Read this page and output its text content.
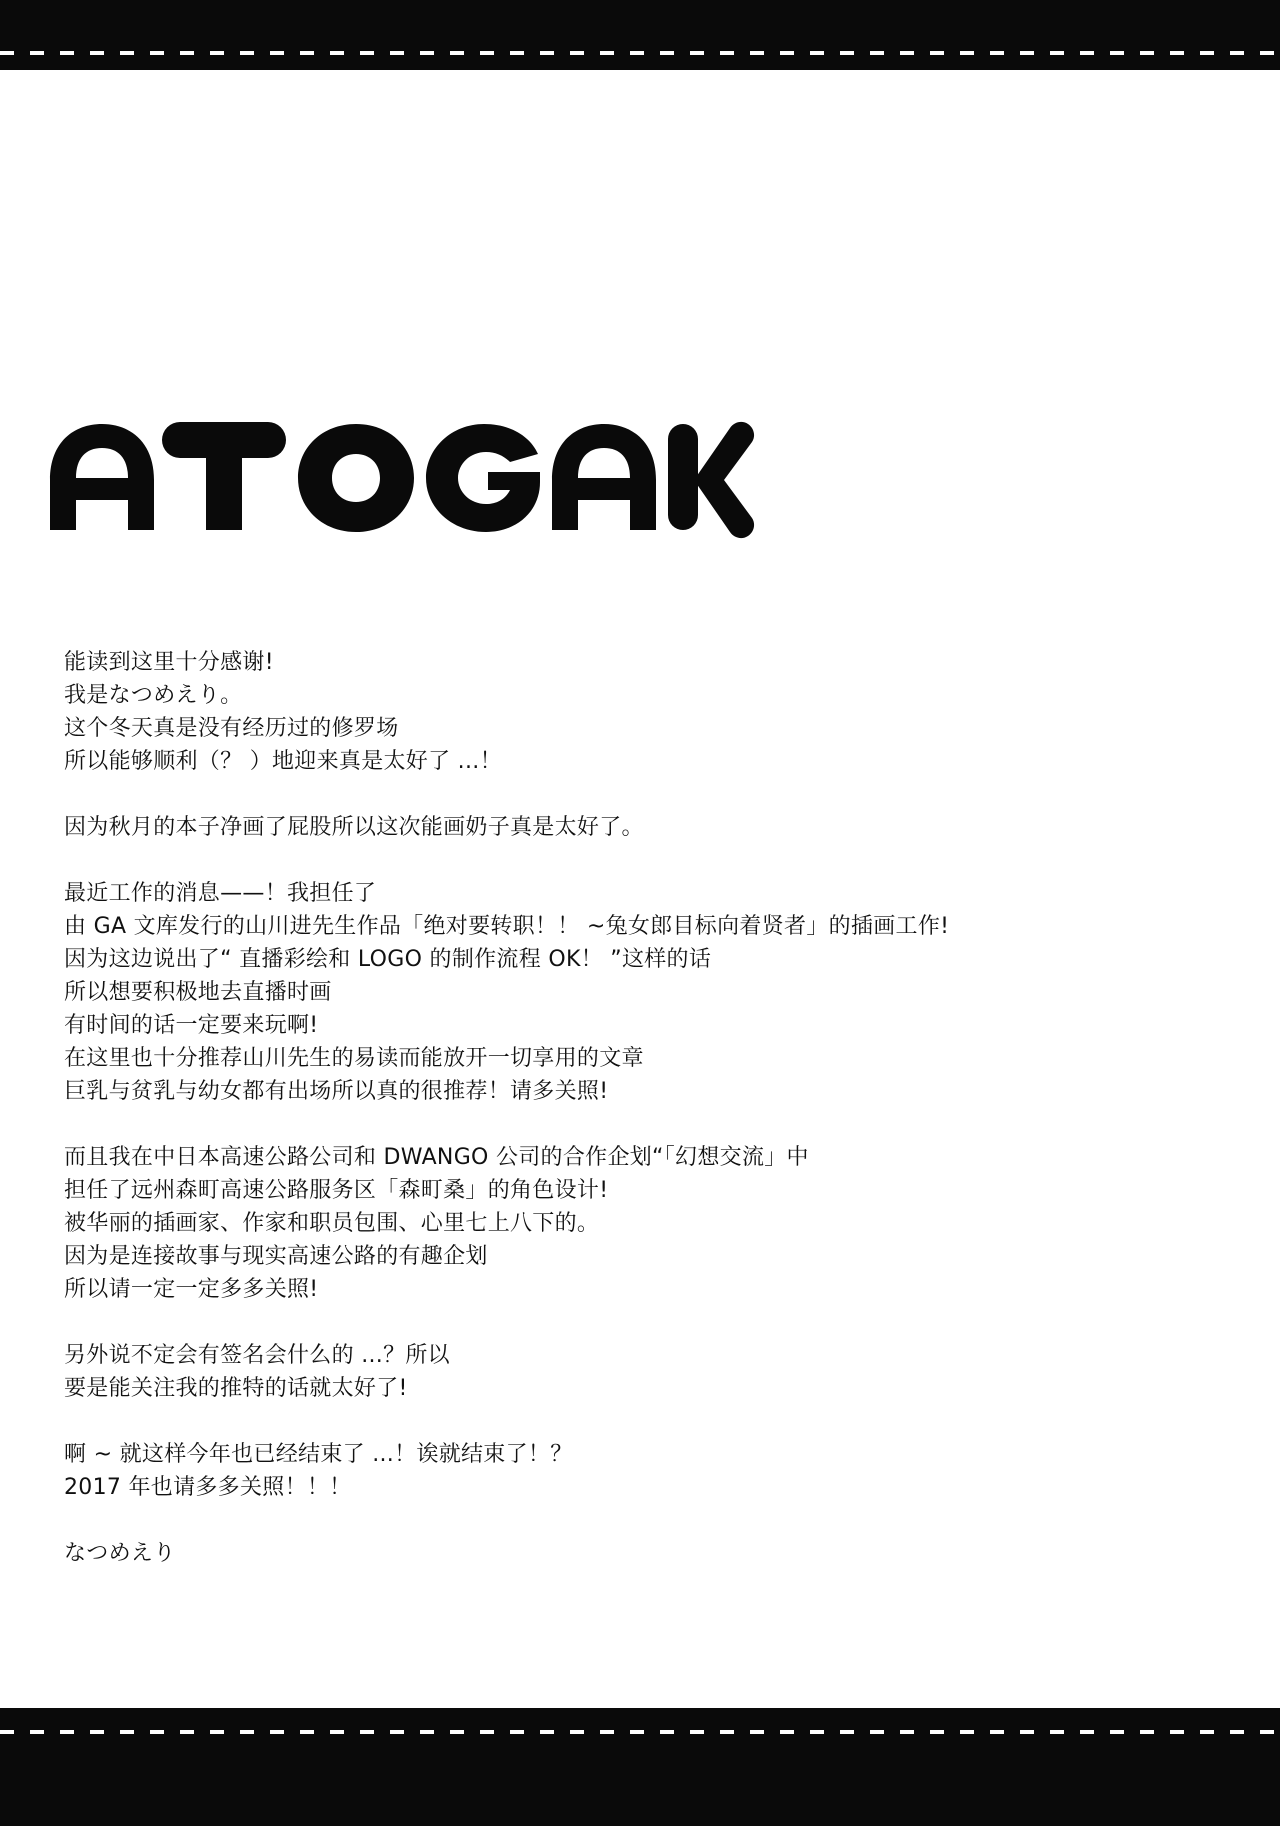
能读到这里十分感谢!
我是なつめえり。
这个冬天真是没有经历过的修罗场
所以能够顺利（？ ）地迎来真是太好了 ...！
因为秋月的本子净画了屁股所以这次能画奶子真是太好了。
最近工作的消息——！我担任了
由 GA 文库发行的山川进先生作品「绝对要转职！！ ~兔女郎目标向着贤者」的插画工作!
因为这边说出了“ 直播彩绘和 LOGO 的制作流程 OK！ ”这样的话
所以想要积极地去直播时画
有时间的话一定要来玩啊!
在这里也十分推荐山川先生的易读而能放开一切享用的文章
巨乳与贫乳与幼女都有出场所以真的很推荐！请多关照!
而且我在中日本高速公路公司和 DWANGO 公司的合作企划“「幻想交流」中
担任了远州森町高速公路服务区「森町桑」的角色设计!
被华丽的插画家、作家和职员包围、心里七上八下的。
因为是连接故事与现实高速公路的有趣企划
所以请一定一定多多关照!
另外说不定会有签名会什么的 ...？所以
要是能关注我的推特的话就太好了!
啊 ~ 就这样今年也已经结束了 ...！诶就结束了！？
2017 年也请多多关照！！！
なつめえり
